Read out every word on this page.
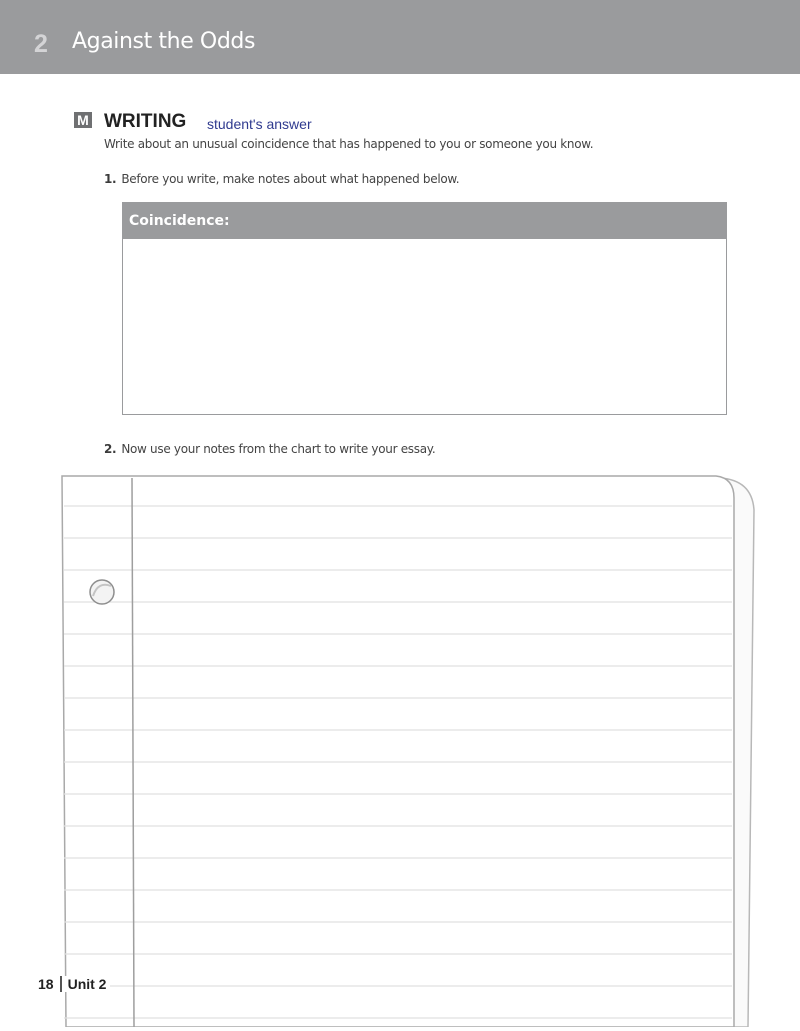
2 Against the Odds
M WRITING student's answer
Write about an unusual coincidence that has happened to you or someone you know.
1. Before you write, make notes about what happened below.
Coincidence:
2. Now use your notes from the chart to write your essay.
18 Unit 2
